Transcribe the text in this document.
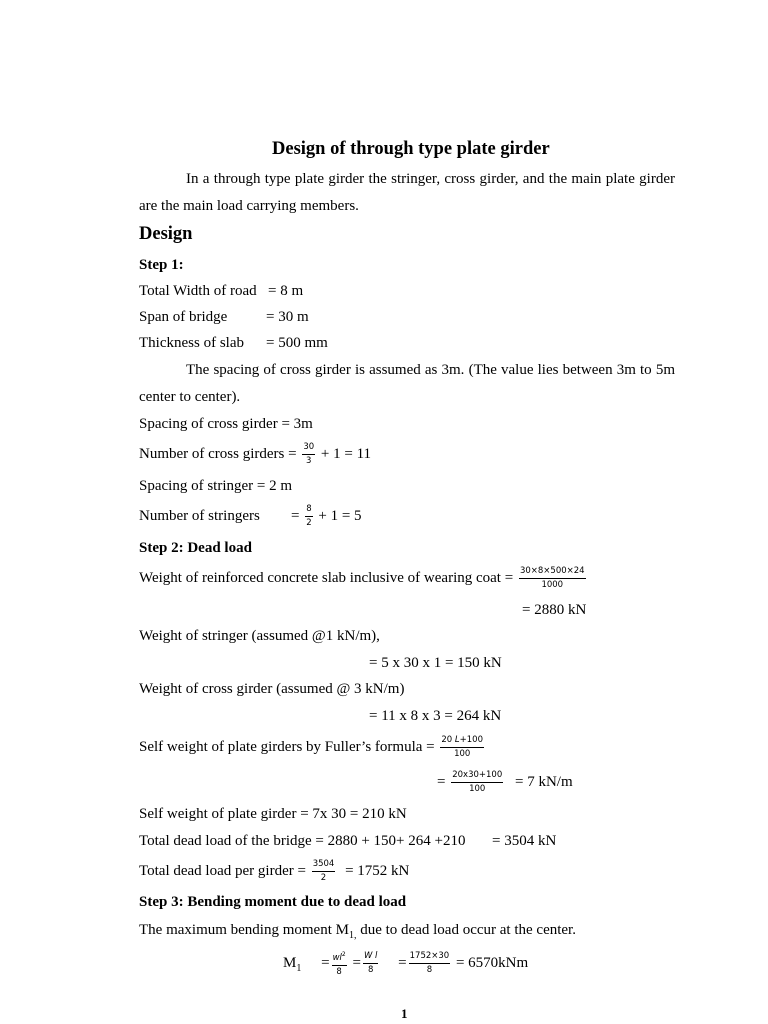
Design of through type plate girder
In a through type plate girder the stringer, cross girder, and the main plate girder are the main load carrying members.
Design
Step 1:
Total Width of road = 8 m
Span of bridge	= 30 m
Thickness of slab = 500 mm
The spacing of cross girder is assumed as 3m. (The value lies between 3m to 5m center to center).
Spacing of cross girder = 3m
Number of cross girders = $\frac{30}{3} + 1 = 11$
Spacing of stringer = 2 m
Number of stringers = $\frac{8}{2} + 1 = 5$
Step 2: Dead load
Weight of reinforced concrete slab inclusive of wearing coat = $\frac{30\times 8\times 500\times 24}{1000}$
= 2880 kN
Weight of stringer (assumed @1 kN/m),
= 5 x 30 x 1 = 150 kN
Weight of cross girder (assumed @ 3 kN/m)
= 11 x 8 x 3 = 264 kN
Self weight of plate girders by Fuller’s formula = $\frac{20 L+100}{100}$
= $\frac{20x30+100}{100} = 7$ kN/m
Self weight of plate girder = 7x 30 = 210 kN
Total dead load of the bridge = 2880 + 150+ 264 +210 = 3504 kN
Total dead load per girder = $\frac{3504}{2} = 1752$ kN
Step 3: Bending moment due to dead load
The maximum bending moment $M_{1,}$ due to dead load occur at the center.
$M_1 = \frac{wl^2}{8} = \frac{\text{W l}}{8} = \frac{1752\times 30}{8} = 6570kNm$
1
